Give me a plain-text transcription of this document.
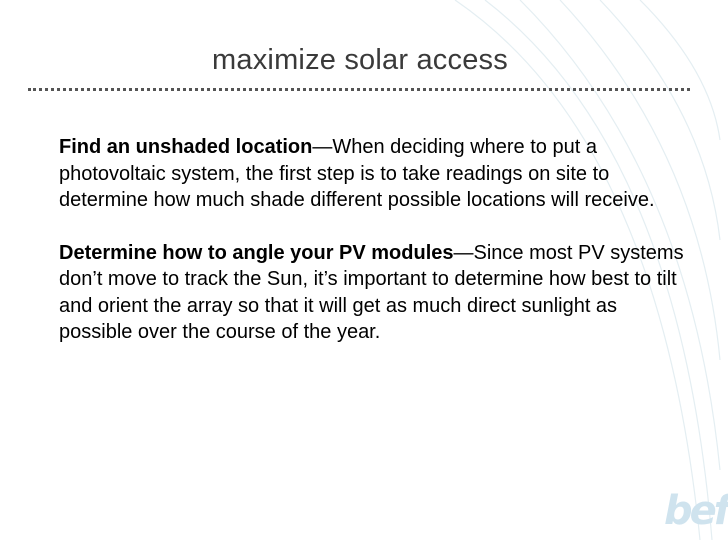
maximize solar access

Find an unshaded location—When deciding where to put a photovoltaic system, the first step is to take readings on site to determine how much shade different possible locations will receive.

Determine how to angle your PV modules—Since most PV systems don’t move to track the Sun, it’s important to determine how best to tilt and orient the array so that it will get as much direct sunlight as possible over the course of the year.

bef
